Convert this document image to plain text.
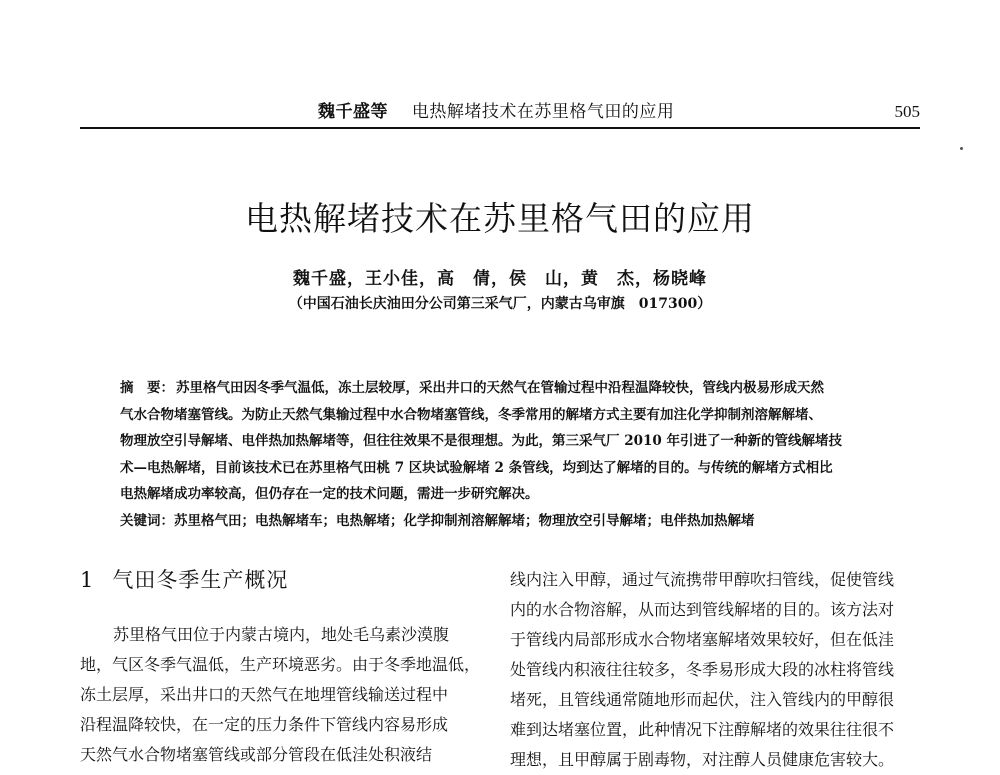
魏千盛等 电热解堵技术在苏里格气田的应用	505
电热解堵技术在苏里格气田的应用
魏千盛，王小佳，高　倩，侯　山，黄　杰，杨晓峰
（中国石油长庆油田分公司第三采气厂，内蒙古乌审旗　017300）
摘　要： 苏里格气田因冬季气温低，冻土层较厚，采出井口的天然气在管输过程中沿程温降较快，管线内极易形成天然
气水合物堵塞管线。为防止天然气集输过程中水合物堵塞管线，冬季常用的解堵方式主要有加注化学抑制剂溶解解堵、
物理放空引导解堵、电伴热加热解堵等，但往往效果不是很理想。为此，第三采气厂 2010 年引进了一种新的管线解堵技
术—电热解堵，目前该技术已在苏里格气田桃 7 区块试验解堵 2 条管线，均到达了解堵的目的。与传统的解堵方式相比
电热解堵成功率较高，但仍存在一定的技术问题，需进一步研究解决。
关键词：苏里格气田；电热解堵车；电热解堵；化学抑制剂溶解解堵；物理放空引导解堵；电伴热加热解堵
1 气田冬季生产概况
苏里格气田位于内蒙古境内，地处毛乌素沙漠腹
地，气区冬季气温低，生产环境恶劣。由于冬季地温低，
冻土层厚，采出井口的天然气在地埋管线输送过程中
沿程温降较快，在一定的压力条件下管线内容易形成
天然气水合物堵塞管线或部分管段在低洼处积液结
线内注入甲醇，通过气流携带甲醇吹扫管线，促使管线
内的水合物溶解，从而达到管线解堵的目的。该方法对
于管线内局部形成水合物堵塞解堵效果较好，但在低洼
处管线内积液往往较多，冬季易形成大段的冰柱将管线
堵死，且管线通常随地形而起伏，注入管线内的甲醇很
难到达堵塞位置，此种情况下注醇解堵的效果往往很不
理想，且甲醇属于剧毒物，对注醇人员健康危害较大。
